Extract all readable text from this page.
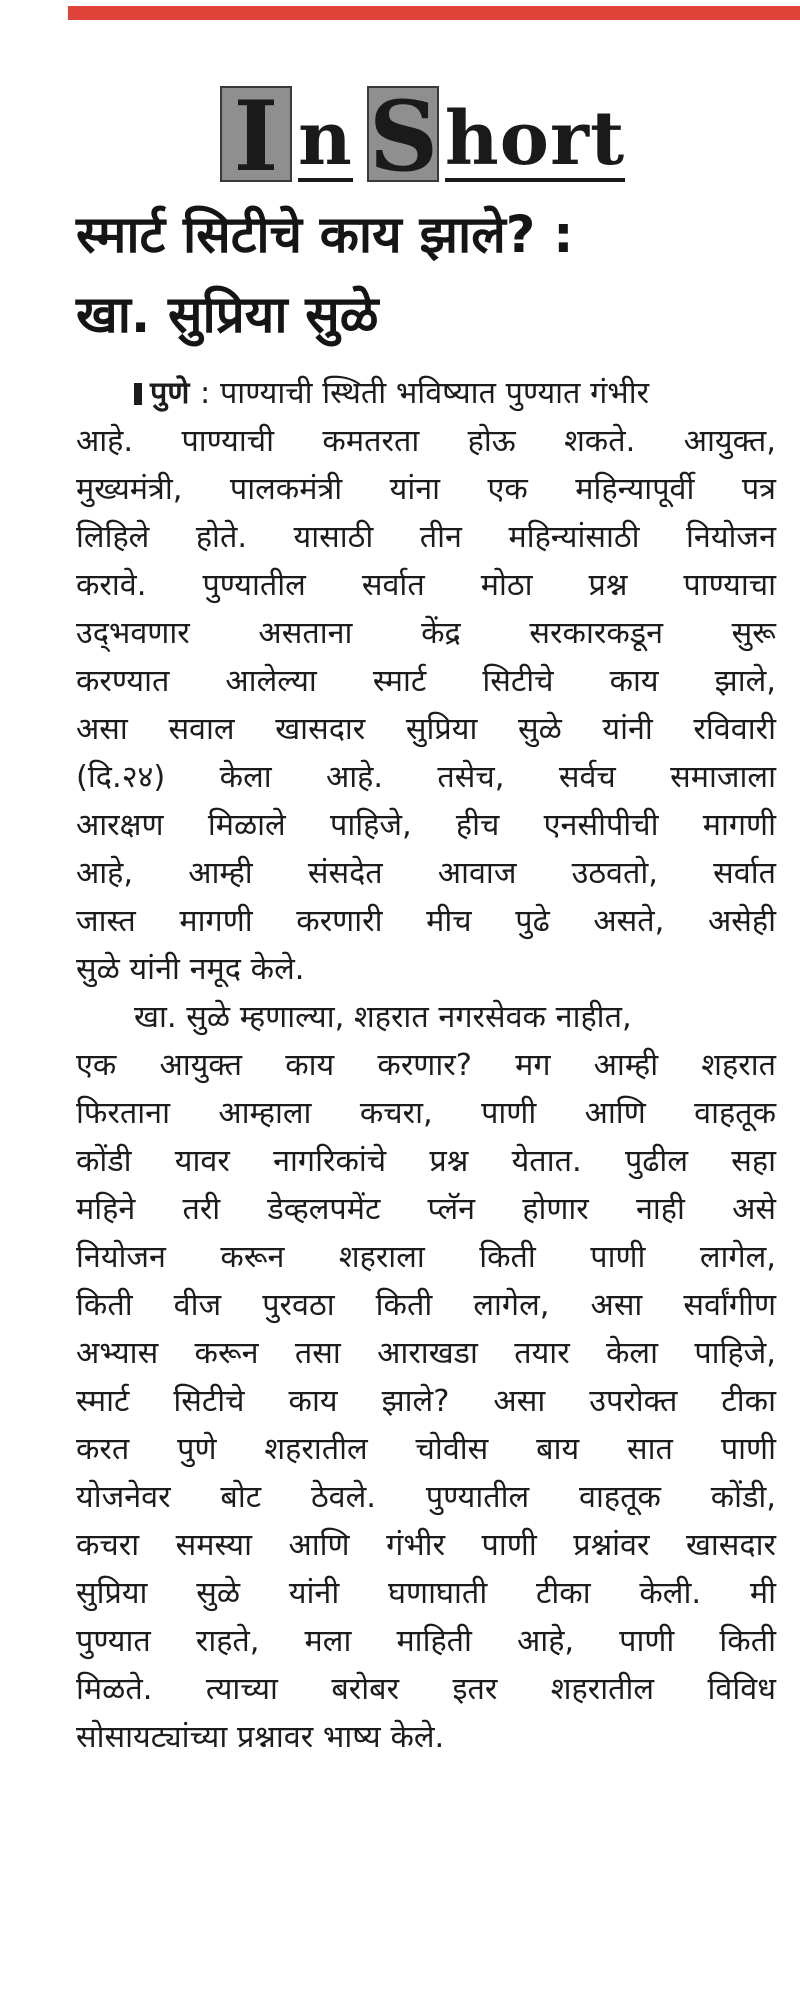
I n S hort
स्मार्ट सिटीचे काय झाले? :
खा. सुप्रिया सुळे

पुणे : पाण्याची स्थिती भविष्यात पुण्यात गंभीर
आहे. पाण्याची कमतरता होऊ शकते. आयुक्त,
मुख्यमंत्री, पालकमंत्री यांना एक महिन्यापूर्वी पत्र
लिहिले होते. यासाठी तीन महिन्यांसाठी नियोजन
करावे. पुण्यातील सर्वात मोठा प्रश्न पाण्याचा
उद्‌भवणार असताना केंद्र सरकारकडून सुरू
करण्यात आलेल्या स्मार्ट सिटीचे काय झाले,
असा सवाल खासदार सुप्रिया सुळे यांनी रविवारी
(दि.२४) केला आहे. तसेच, सर्वच समाजाला
आरक्षण मिळाले पाहिजे, हीच एनसीपीची मागणी
आहे, आम्ही संसदेत आवाज उठवतो, सर्वात
जास्त मागणी करणारी मीच पुढे असते, असेही
सुळे यांनी नमूद केले.

खा. सुळे म्हणाल्या, शहरात नगरसेवक नाहीत,
एक आयुक्त काय करणार? मग आम्ही शहरात
फिरताना आम्हाला कचरा, पाणी आणि वाहतूक
कोंडी यावर नागरिकांचे प्रश्न येतात. पुढील सहा
महिने तरी डेव्हलपमेंट प्लॅन होणार नाही असे
नियोजन करून शहराला किती पाणी लागेल,
किती वीज पुरवठा किती लागेल, असा सर्वांगीण
अभ्यास करून तसा आराखडा तयार केला पाहिजे,
स्मार्ट सिटीचे काय झाले? असा उपरोक्त टीका
करत पुणे शहरातील चोवीस बाय सात पाणी
योजनेवर बोट ठेवले. पुण्यातील वाहतूक कोंडी,
कचरा समस्या आणि गंभीर पाणी प्रश्नांवर खासदार
सुप्रिया सुळे यांनी घणाघाती टीका केली. मी
पुण्यात राहते, मला माहिती आहे, पाणी किती
मिळते. त्याच्या बरोबर इतर शहरातील विविध
सोसायट्यांच्या प्रश्नावर भाष्य केले.
